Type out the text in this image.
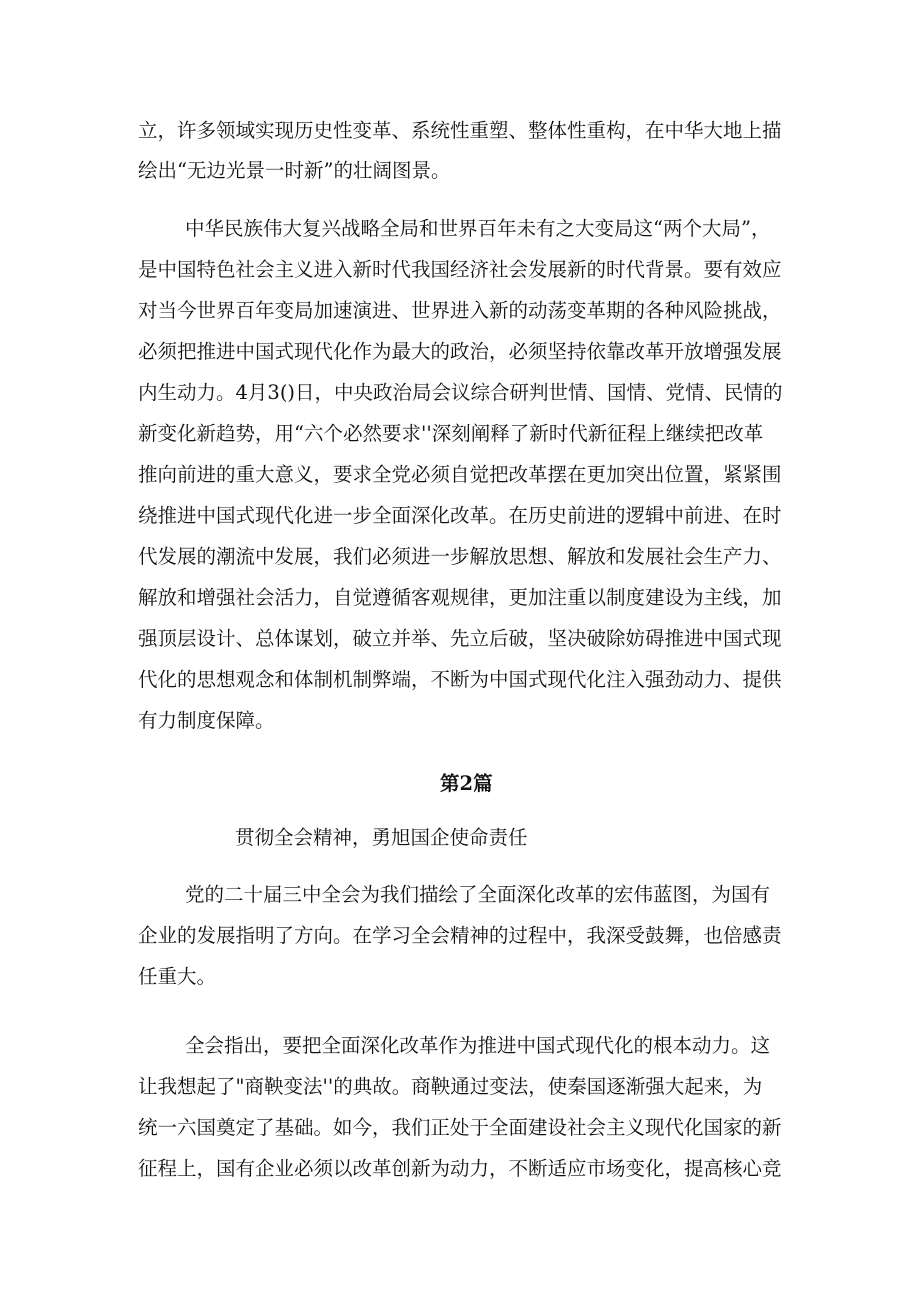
立，许多领域实现历史性变革、系统性重塑、整体性重构，在中华大地上描

绘出“无边光景一时新”的壮阔图景。

中华民族伟大复兴战略全局和世界百年未有之大变局这“两个大局”，

是中国特色社会主义进入新时代我国经济社会发展新的时代背景。要有效应

对当今世界百年变局加速演进、世界进入新的动荡变革期的各种风险挑战，

必须把推进中国式现代化作为最大的政治，必须坚持依靠改革开放增强发展

内生动力。4月3()日，中央政治局会议综合研判世情、国情、党情、民情的

新变化新趋势，用“六个必然要求''深刻阐释了新时代新征程上继续把改革

推向前进的重大意义，要求全党必须自觉把改革摆在更加突出位置，紧紧围

绕推进中国式现代化进一步全面深化改革。在历史前进的逻辑中前进、在时

代发展的潮流中发展，我们必须进一步解放思想、解放和发展社会生产力、

解放和增强社会活力，自觉遵循客观规律，更加注重以制度建设为主线，加

强顶层设计、总体谋划，破立并举、先立后破，坚决破除妨碍推进中国式现

代化的思想观念和体制机制弊端，不断为中国式现代化注入强劲动力、提供

有力制度保障。

第2篇
贯彻全会精神，勇旭国企使命责任

党的二十届三中全会为我们描绘了全面深化改革的宏伟蓝图，为国有

企业的发展指明了方向。在学习全会精神的过程中，我深受鼓舞，也倍感责

任重大。

全会指出，要把全面深化改革作为推进中国式现代化的根本动力。这

让我想起了"商鞅变法''的典故。商鞅通过变法，使秦国逐渐强大起来，为

统一六国奠定了基础。如今，我们正处于全面建设社会主义现代化国家的新

征程上，国有企业必须以改革创新为动力，不断适应市场变化，提高核心竞
